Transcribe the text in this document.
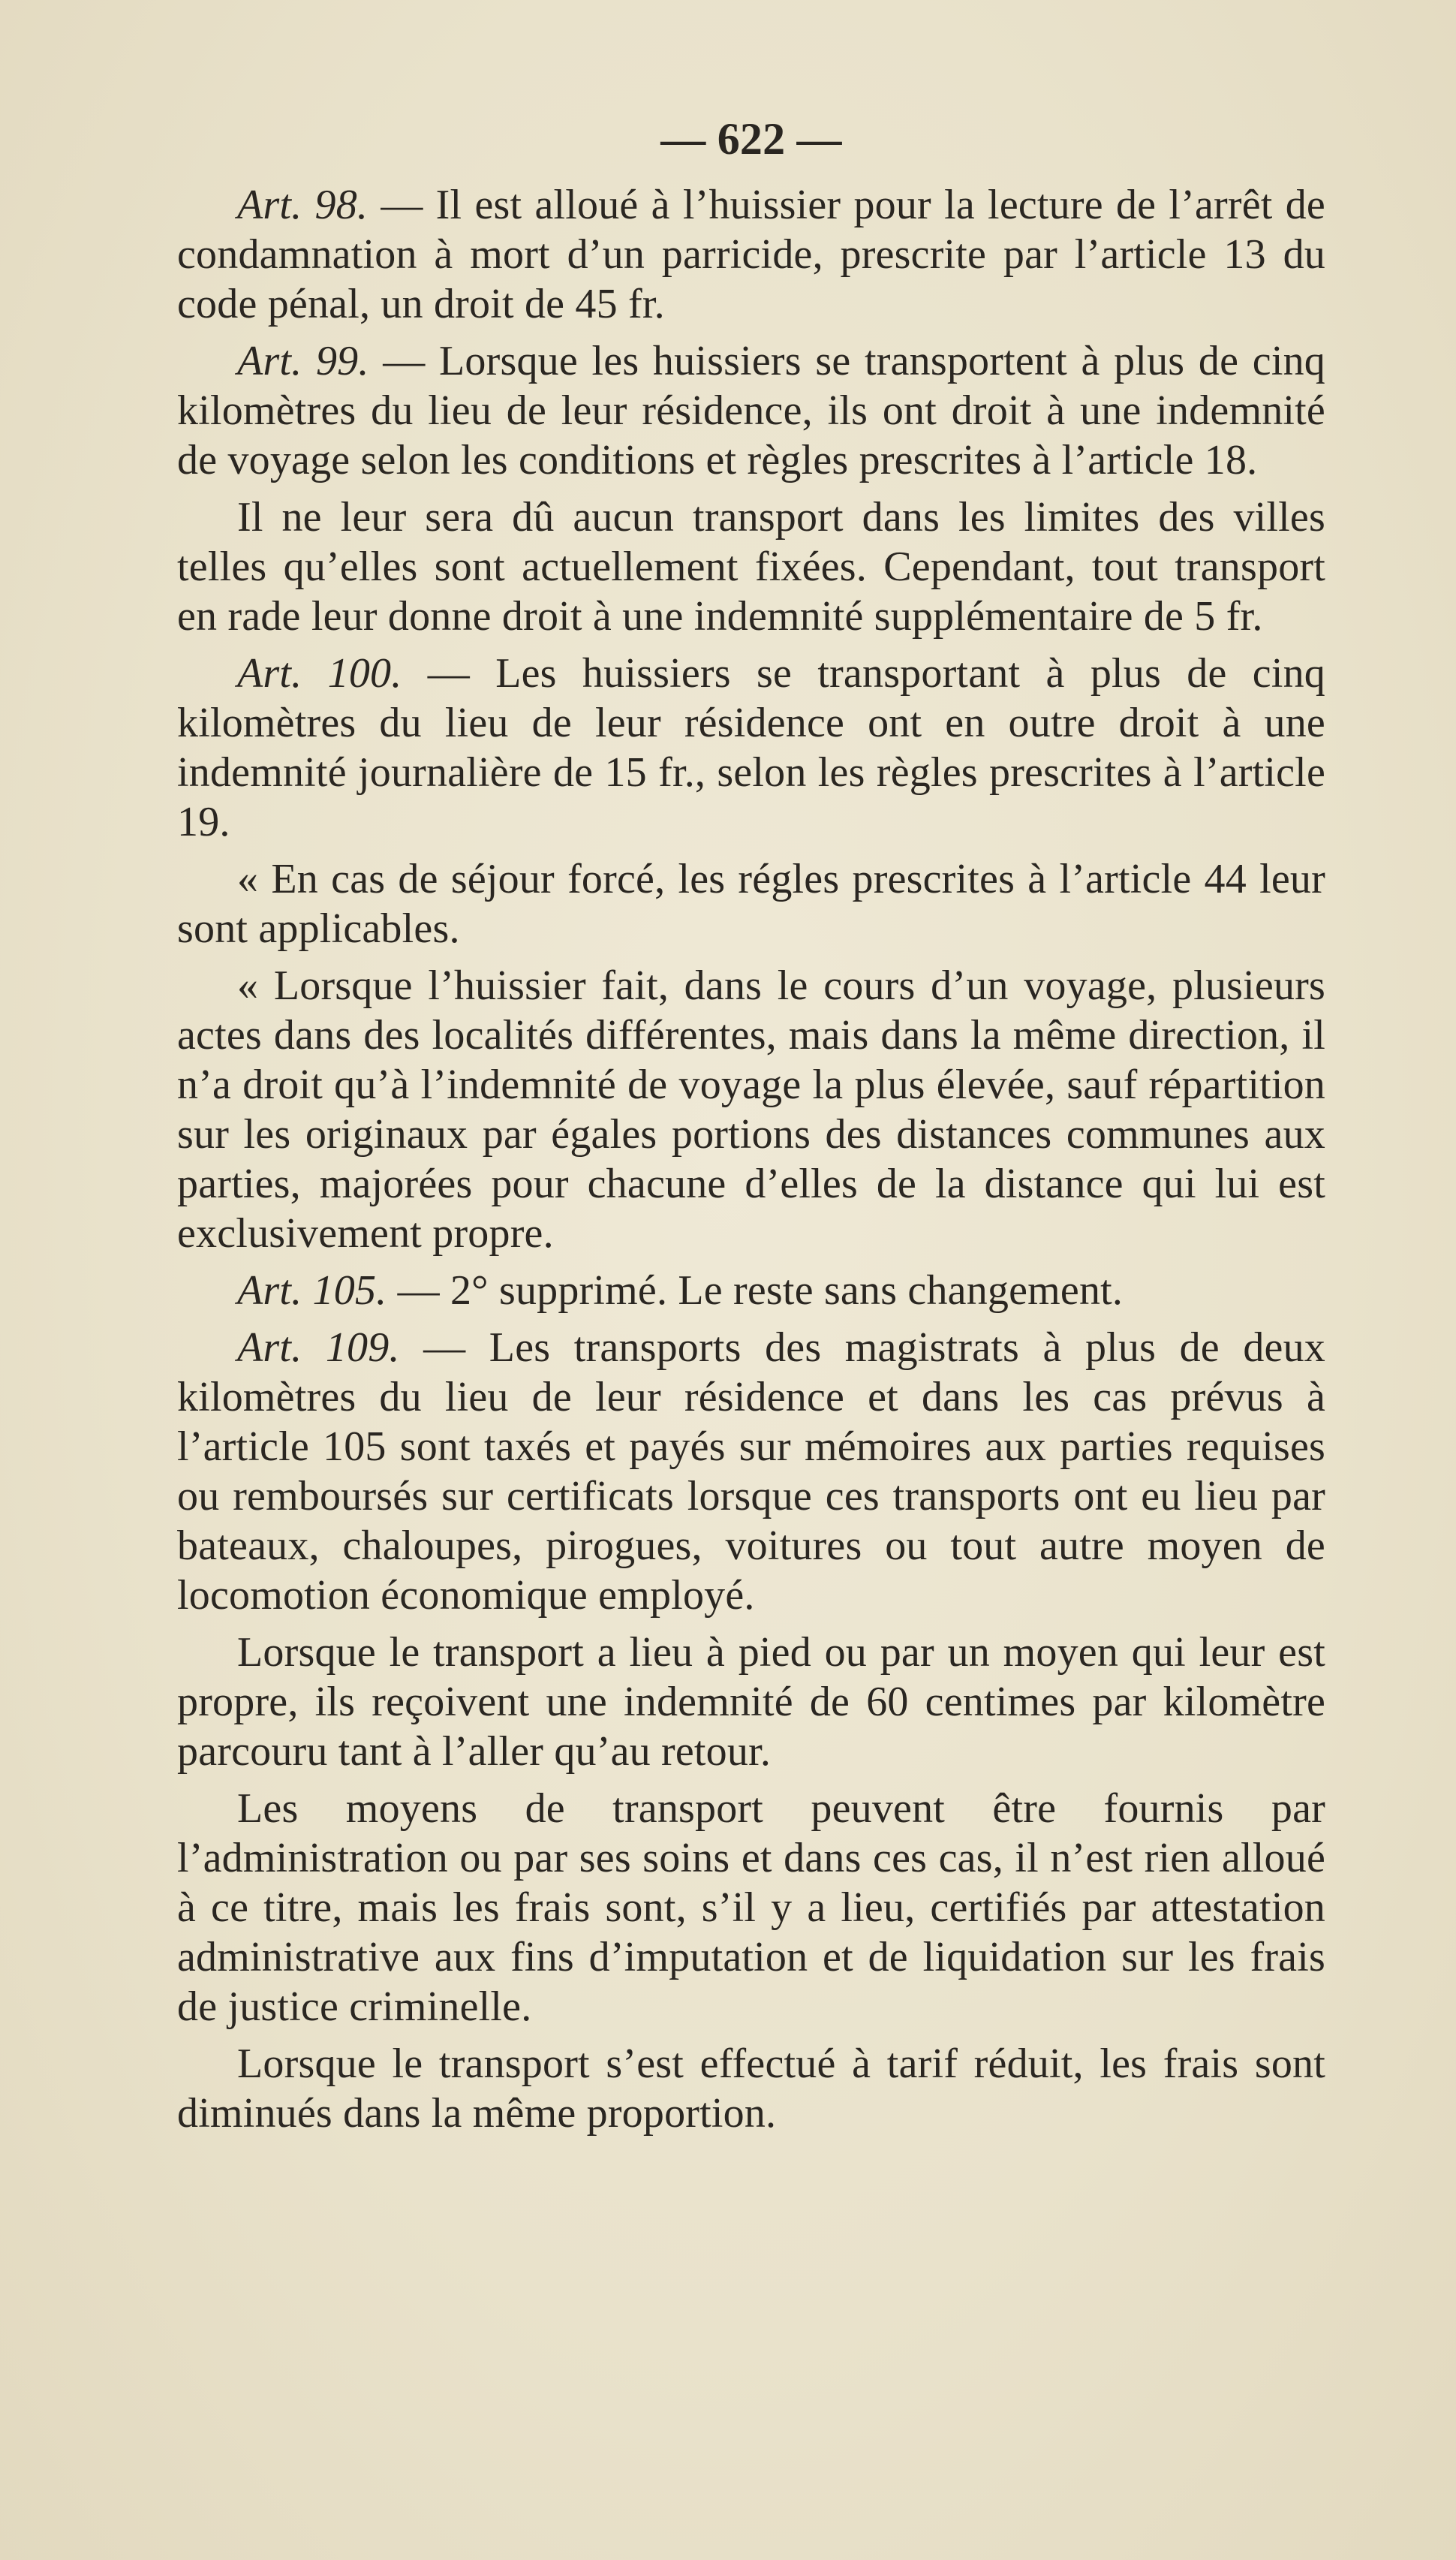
— 622 —

Art. 98. — Il est alloué à l’huissier pour la lecture de l’arrêt de condamnation à mort d’un parricide, prescrite par l’article 13 du code pénal, un droit de 45 fr.

Art. 99. — Lorsque les huissiers se transportent à plus de cinq kilomètres du lieu de leur résidence, ils ont droit à une indemnité de voyage selon les conditions et règles prescrites à l’article 18.

Il ne leur sera dû aucun transport dans les limites des villes telles qu’elles sont actuellement fixées. Cependant, tout transport en rade leur donne droit à une indemnité supplémentaire de 5 fr.

Art. 100. — Les huissiers se transportant à plus de cinq kilomètres du lieu de leur résidence ont en outre droit à une indemnité journalière de 15 fr., selon les règles prescrites à l’article 19.

« En cas de séjour forcé, les régles prescrites à l’article 44 leur sont applicables.

« Lorsque l’huissier fait, dans le cours d’un voyage, plusieurs actes dans des localités différentes, mais dans la même direction, il n’a droit qu’à l’indemnité de voyage la plus élevée, sauf répartition sur les originaux par égales portions des distances communes aux parties, majorées pour chacune d’elles de la distance qui lui est exclusivement propre.

Art. 105. — 2° supprimé. Le reste sans changement.

Art. 109. — Les transports des magistrats à plus de deux kilomètres du lieu de leur résidence et dans les cas prévus à l’article 105 sont taxés et payés sur mémoires aux parties requises ou remboursés sur certificats lorsque ces transports ont eu lieu par bateaux, chaloupes, pirogues, voitures ou tout autre moyen de locomotion économique employé.

Lorsque le transport a lieu à pied ou par un moyen qui leur est propre, ils reçoivent une indemnité de 60 centimes par kilomètre parcouru tant à l’aller qu’au retour.

Les moyens de transport peuvent être fournis par l’administration ou par ses soins et dans ces cas, il n’est rien alloué à ce titre, mais les frais sont, s’il y a lieu, certifiés par attestation administrative aux fins d’imputation et de liquidation sur les frais de justice criminelle.

Lorsque le transport s’est effectué à tarif réduit, les frais sont diminués dans la même proportion.
